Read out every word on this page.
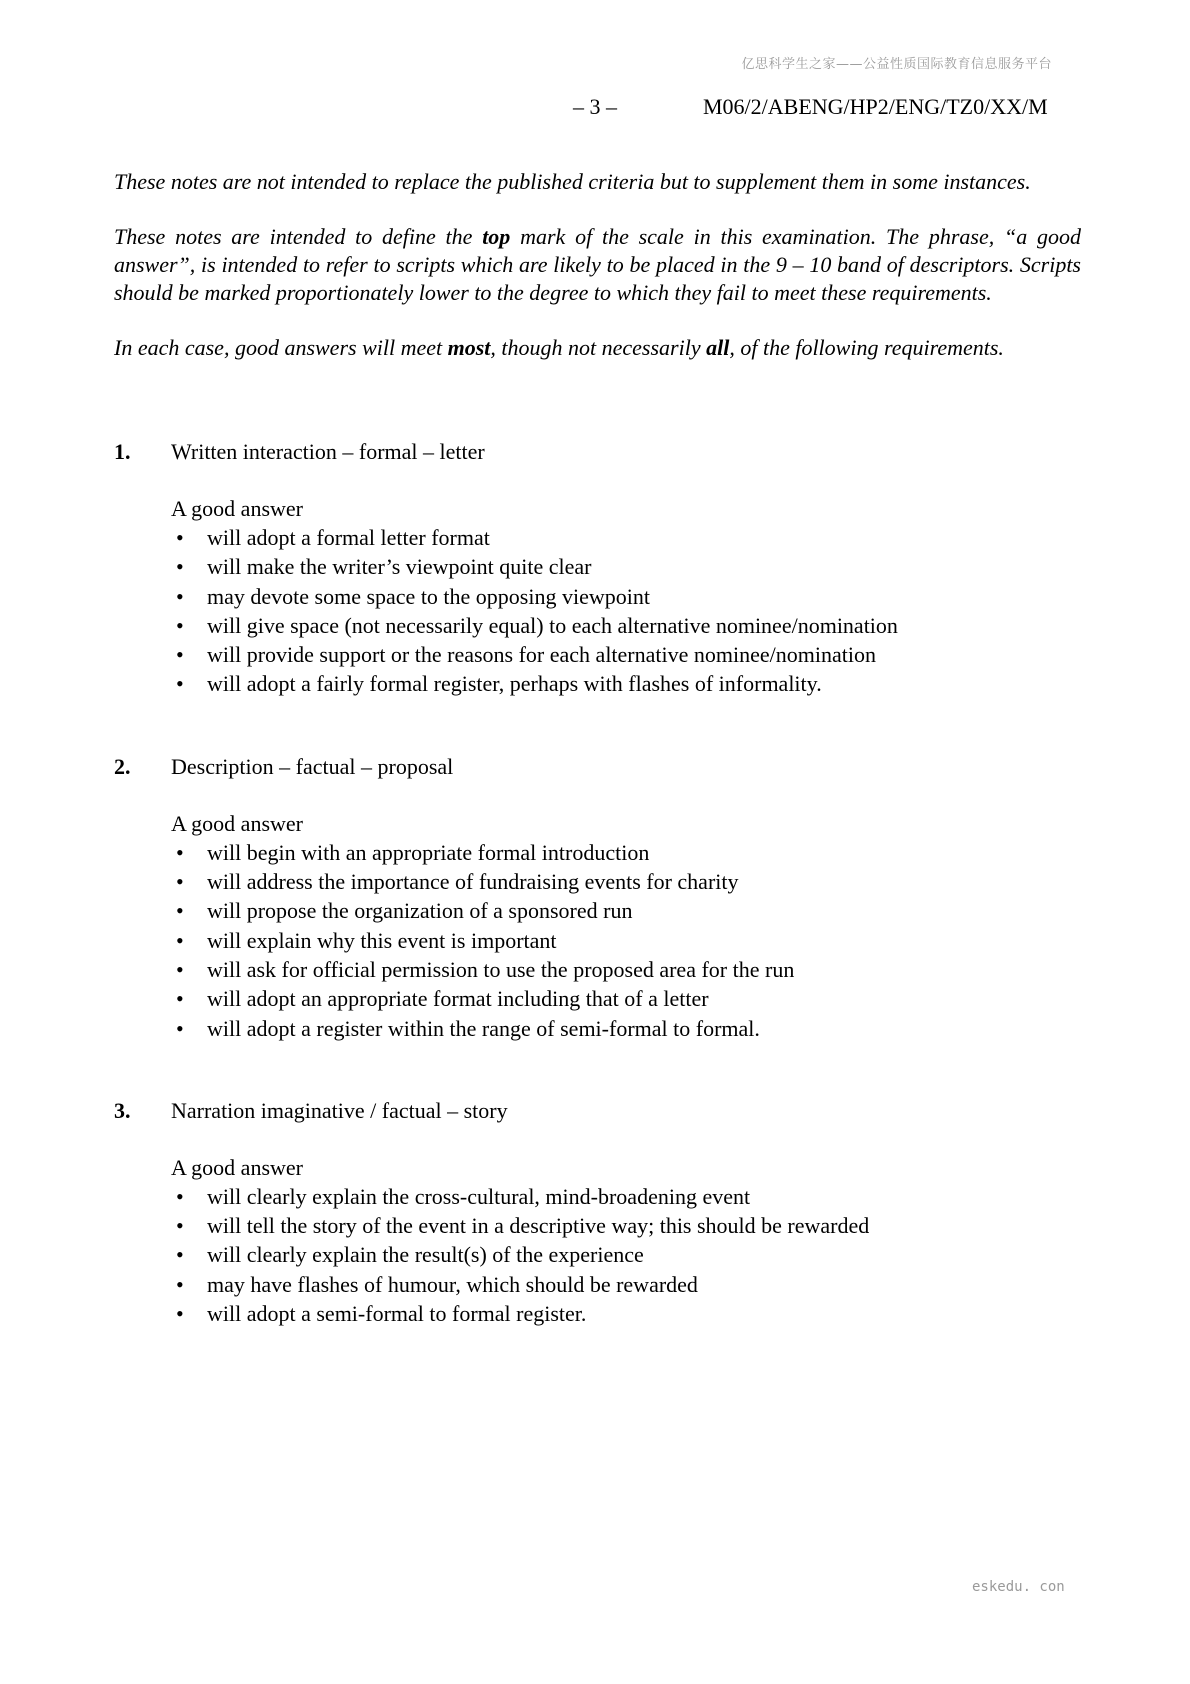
亿思科学生之家——公益性质国际教育信息服务平台
– 3 –	M06/2/ABENG/HP2/ENG/TZ0/XX/M

These notes are not intended to replace the published criteria but to supplement them in some instances.

These notes are intended to define the top mark of the scale in this examination. The phrase, “a good answer”, is intended to refer to scripts which are likely to be placed in the 9 – 10 band of descriptors. Scripts should be marked proportionately lower to the degree to which they fail to meet these requirements.

In each case, good answers will meet most, though not necessarily all, of the following requirements.

1.	Written interaction – formal – letter

A good answer

• will adopt a formal letter format
• will make the writer’s viewpoint quite clear
• may devote some space to the opposing viewpoint
• will give space (not necessarily equal) to each alternative nominee/nomination
• will provide support or the reasons for each alternative nominee/nomination
• will adopt a fairly formal register, perhaps with flashes of informality.
2.	Description – factual – proposal

A good answer

• will begin with an appropriate formal introduction
• will address the importance of fundraising events for charity
• will propose the organization of a sponsored run
• will explain why this event is important
• will ask for official permission to use the proposed area for the run
• will adopt an appropriate format including that of a letter
• will adopt a register within the range of semi-formal to formal.
3.	Narration imaginative / factual – story

A good answer

• will clearly explain the cross-cultural, mind-broadening event
• will tell the story of the event in a descriptive way; this should be rewarded
• will clearly explain the result(s) of the experience
• may have flashes of humour, which should be rewarded
• will adopt a semi-formal to formal register.
eskedu. con
